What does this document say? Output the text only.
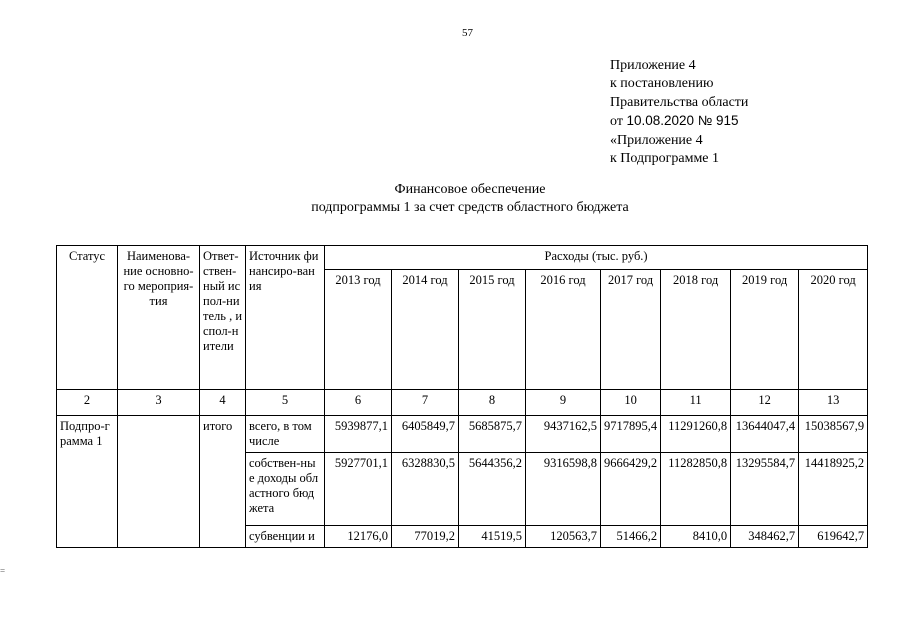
57
Приложение 4
к постановлению
Правительства области
от 10.08.2020 № 915
«Приложение 4
к Подпрограмме 1
Финансовое обеспечение
подпрограммы 1 за счет средств областного бюджета
=
Статус	Наименова-ние основно-го мероприя-тия	Ответ-ствен-ный испол-нитель , испол-нители	Источник финансиро-вания	Расходы (тыс. руб.)							
				2013 год	2014 год	2015 год	2016 год	2017 год	2018 год	2019 год	2020 год
2	3	4	5	6	7	8	9	10	11	12	13
Подпро-грамма 1		итого	всего, в том числе	5939877,1	6405849,7	5685875,7	9437162,5	9717895,4	11291260,8	13644047,4	15038567,9
			собствен-ные доходы областного бюджета	5927701,1	6328830,5	5644356,2	9316598,8	9666429,2	11282850,8	13295584,7	14418925,2
			субвенции и	12176,0	77019,2	41519,5	120563,7	51466,2	8410,0	348462,7	619642,7
